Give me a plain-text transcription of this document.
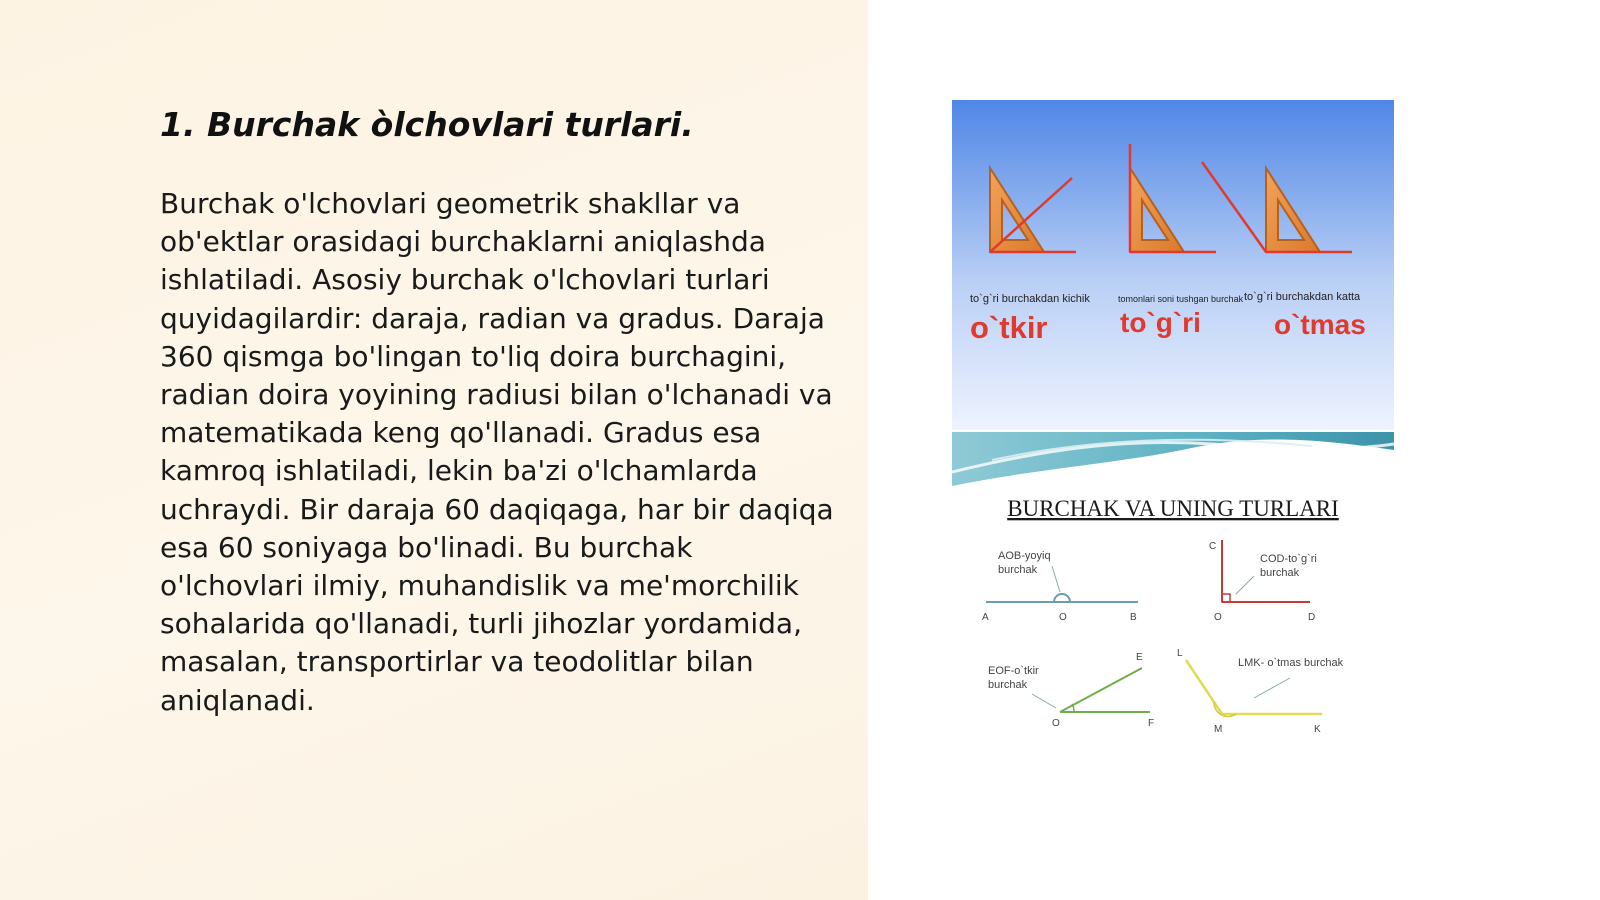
1. Burchak òlchovlari turlari.

Burchak o'lchovlari geometrik shakllar va ob'ektlar orasidagi burchaklarni aniqlashda ishlatiladi. Asosiy burchak o'lchovlari turlari quyidagilardir: daraja, radian va gradus. Daraja 360 qismga bo'lingan to'liq doira burchagini, radian doira yoyining radiusi bilan o'lchanadi va matematikada keng qo'llanadi. Gradus esa kamroq ishlatiladi, lekin ba'zi o'lchamlarda uchraydi. Bir daraja 60 daqiqaga, har bir daqiqa esa 60 soniyaga bo'linadi. Bu burchak o'lchovlari ilmiy, muhandislik va me'morchilik sohalarida qo'llanadi, turli jihozlar yordamida, masalan, transportirlar va teodolitlar bilan aniqlanadi.

to`g`ri burchakdan kichik
o`tkir
tomonlari soni tushgan burchak
to`g`ri
to`g`ri burchakdan katta
o`tmas
BURCHAK VA UNING TURLARI
AOB-yoyiq
burchak
A	O	B
COD-to`g`ri
burchak
C
O	D
EOF-o`tkir
burchak
E
O	F
LMK- o`tmas burchak
L
M	K
